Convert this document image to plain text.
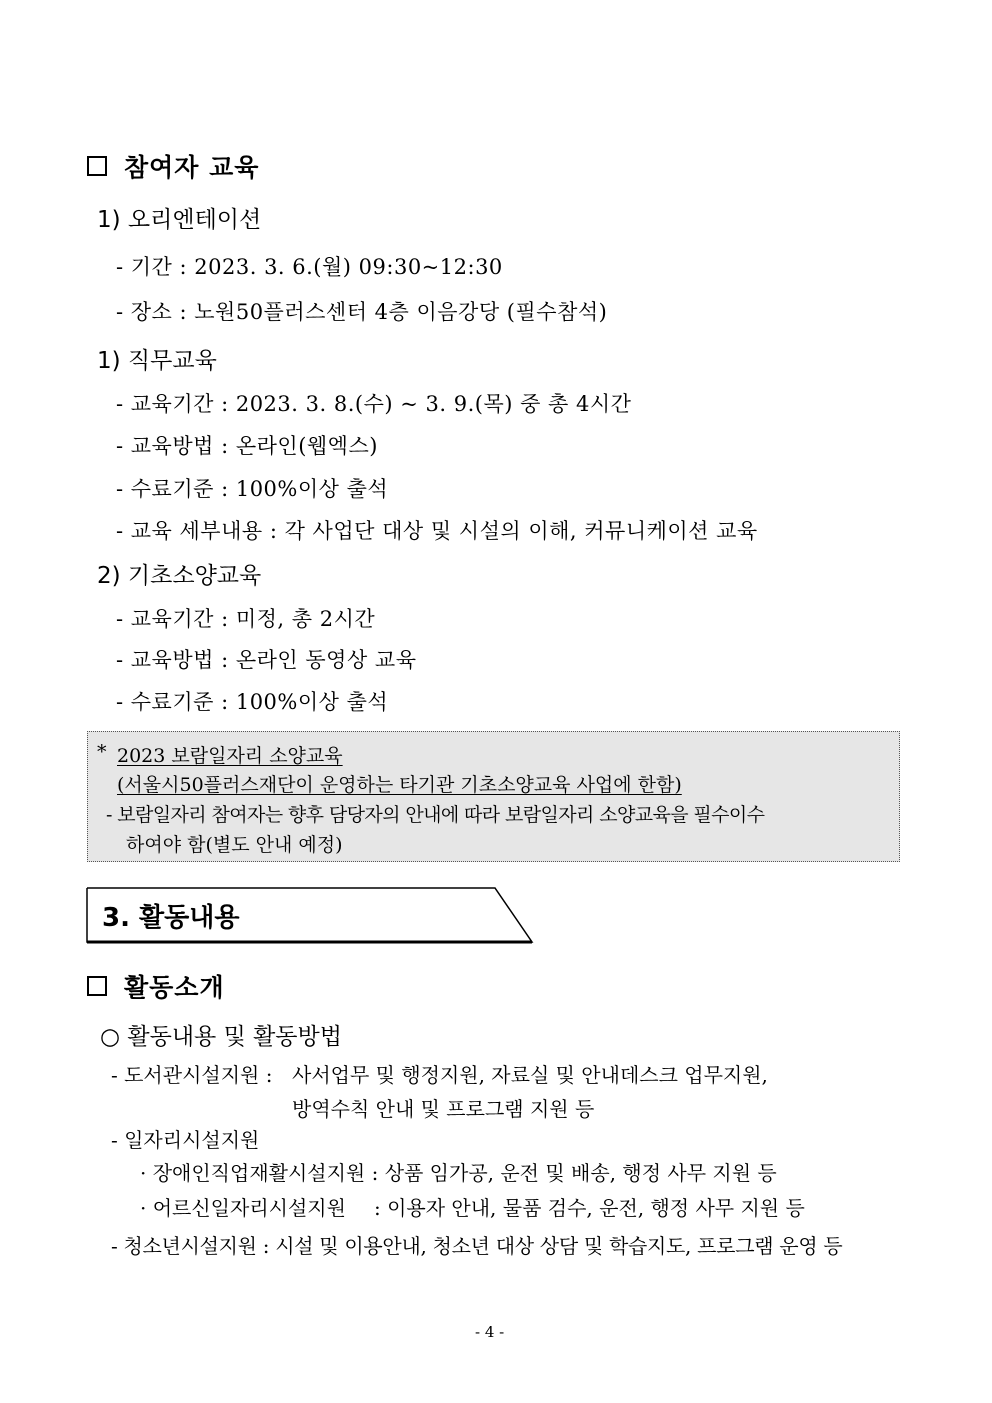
참여자 교육
1) 오리엔테이션
- 기간 : 2023. 3. 6.(월) 09:30~12:30
- 장소 : 노원50플러스센터 4층 이음강당 (필수참석)
1) 직무교육
- 교육기간 : 2023. 3. 8.(수) ~ 3. 9.(목) 중 총 4시간
- 교육방법 : 온라인(웹엑스)
- 수료기준 : 100%이상 출석
- 교육 세부내용 : 각 사업단 대상 및 시설의 이해, 커뮤니케이션 교육
2) 기초소양교육
- 교육기간 : 미정, 총 2시간
- 교육방법 : 온라인 동영상 교육
- 수료기준 : 100%이상 출석
* 2023 보람일자리 소양교육
(서울시50플러스재단이 운영하는 타기관 기초소양교육 사업에 한함)
- 보람일자리 참여자는 향후 담당자의 안내에 따라 보람일자리 소양교육을 필수이수
하여야 함(별도 안내 예정)
3. 활동내용
활동소개
○ 활동내용 및 활동방법
- 도서관시설지원 : 사서업무 및 행정지원, 자료실 및 안내데스크 업무지원,
방역수칙 안내 및 프로그램 지원 등
- 일자리시설지원
· 장애인직업재활시설지원 : 상품 임가공, 운전 및 배송, 행정 사무 지원 등
· 어르신일자리시설지원 : 이용자 안내, 물품 검수, 운전, 행정 사무 지원 등
- 청소년시설지원 : 시설 및 이용안내, 청소년 대상 상담 및 학습지도, 프로그램 운영 등
- 4 -
